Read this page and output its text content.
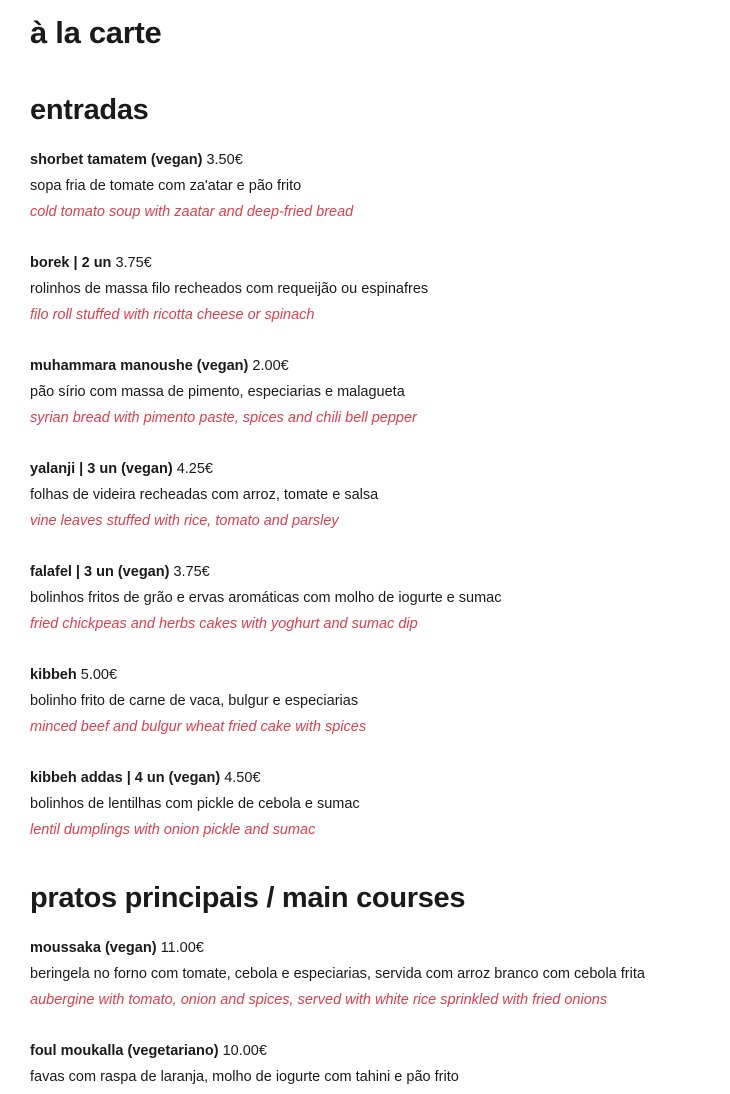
à la carte
entradas
shorbet tamatem (vegan) 3.50€
sopa fria de tomate com za'atar e pão frito
cold tomato soup with zaatar and deep-fried bread
borek | 2 un 3.75€
rolinhos de massa filo recheados com requeijão ou espinafres
filo roll stuffed with ricotta cheese or spinach
muhammara manoushe (vegan) 2.00€
pão sírio com massa de pimento, especiarias e malagueta
syrian bread with pimento paste, spices and chili bell pepper
yalanji | 3 un (vegan) 4.25€
folhas de videira recheadas com arroz, tomate e salsa
vine leaves stuffed with rice, tomato and parsley
falafel | 3 un (vegan) 3.75€
bolinhos fritos de grão e ervas aromáticas com molho de iogurte e sumac
fried chickpeas and herbs cakes with yoghurt and sumac dip
kibbeh 5.00€
bolinho frito de carne de vaca, bulgur e especiarias
minced beef and bulgur wheat fried cake with spices
kibbeh addas | 4 un (vegan) 4.50€
bolinhos de lentilhas com pickle de cebola e sumac
lentil dumplings with onion pickle and sumac
pratos principais / main courses
moussaka (vegan) 11.00€
beringela no forno com tomate, cebola e especiarias, servida com arroz branco com cebola frita
aubergine with tomato, onion and spices, served with white rice sprinkled with fried onions
foul moukalla (vegetariano) 10.00€
favas com raspa de laranja, molho de iogurte com tahini e pão frito
